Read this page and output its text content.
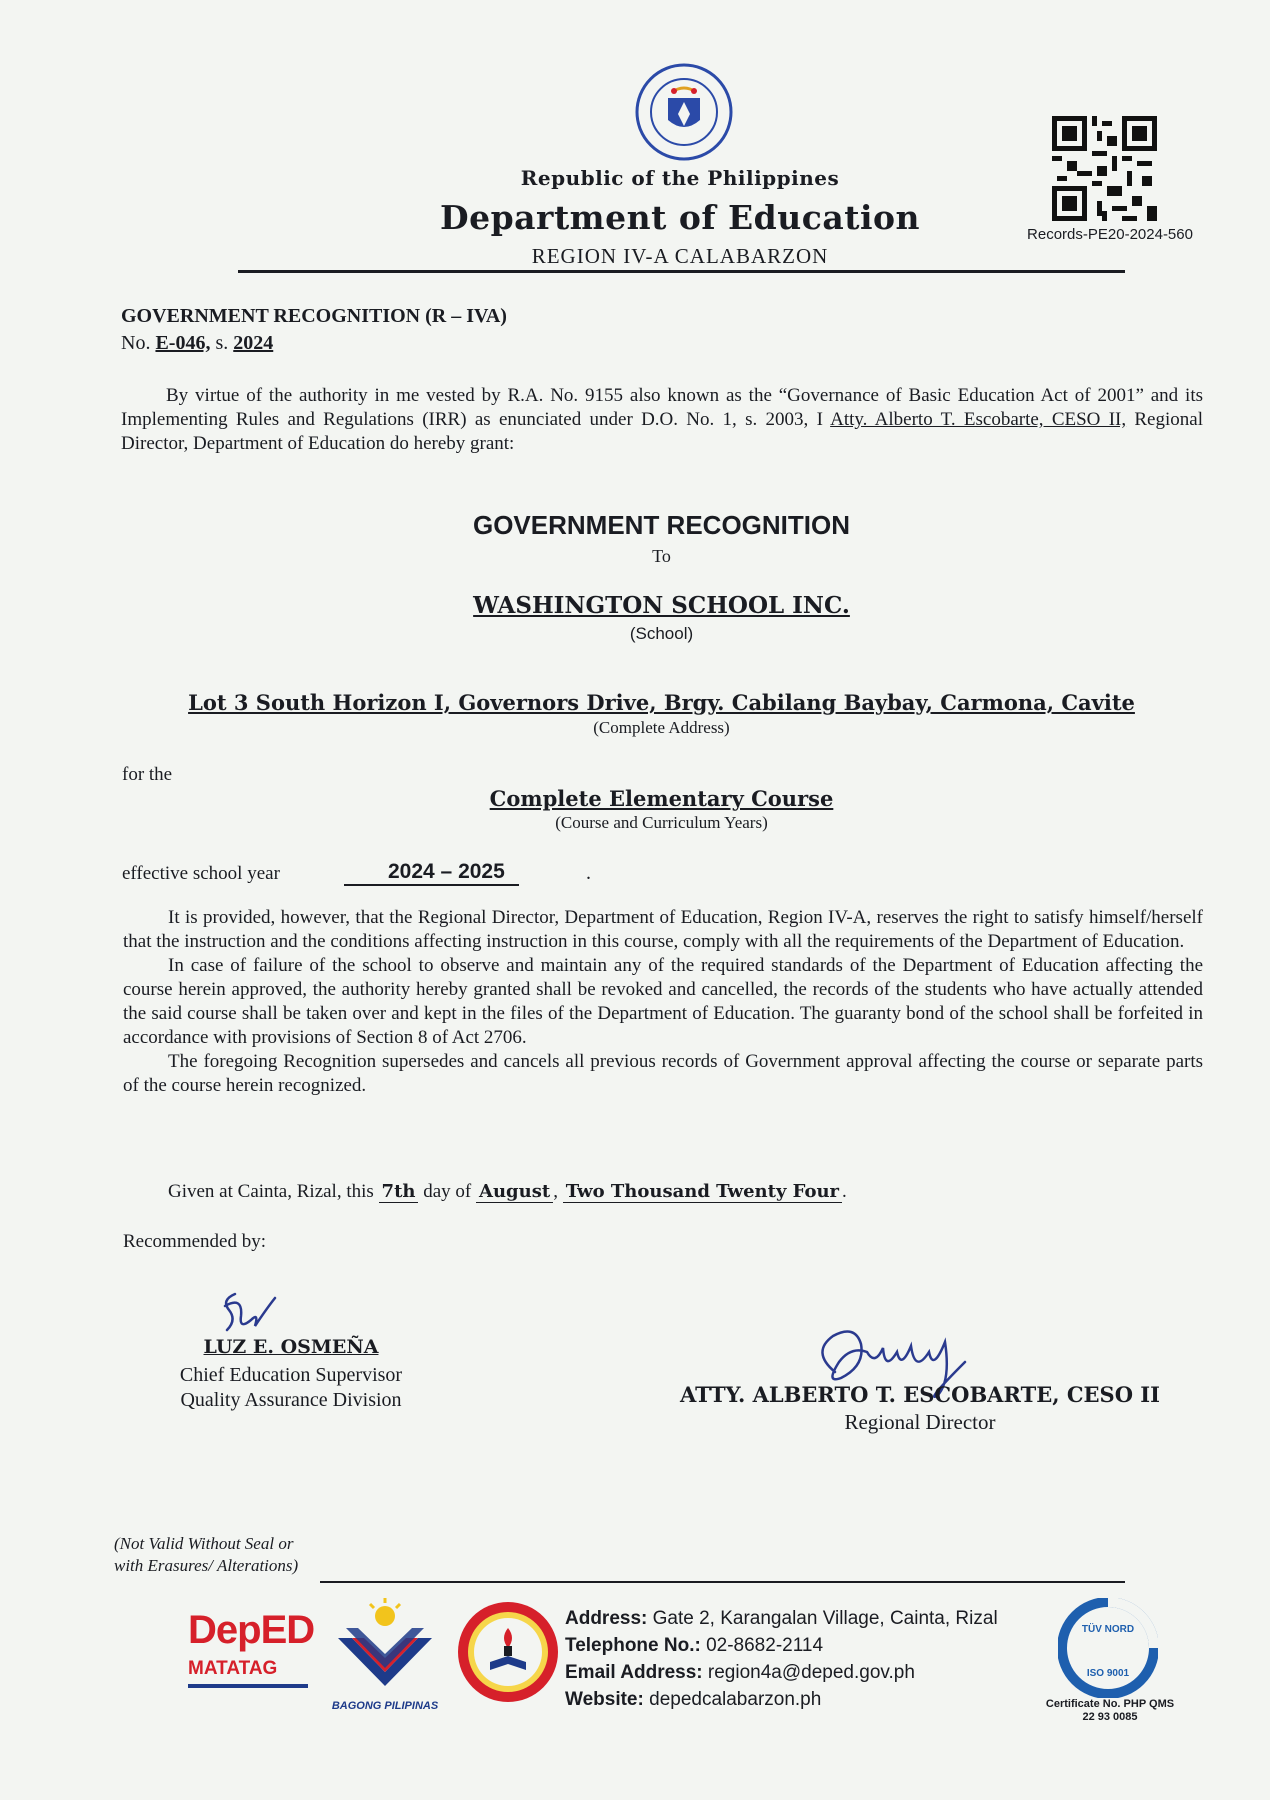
Republic of the Philippines
Department of Education
REGION IV-A CALABARZON
Records-PE20-2024-560
GOVERNMENT RECOGNITION (R – IVA)
No. E-046, s. 2024
By virtue of the authority in me vested by R.A. No. 9155 also known as the “Governance of Basic Education Act of 2001” and its Implementing Rules and Regulations (IRR) as enunciated under D.O. No. 1, s. 2003, I Atty. Alberto T. Escobarte, CESO II, Regional Director, Department of Education do hereby grant:
GOVERNMENT RECOGNITION
To
WASHINGTON SCHOOL INC.
(School)
Lot 3 South Horizon I, Governors Drive, Brgy. Cabilang Baybay, Carmona, Cavite
(Complete Address)
for the
Complete Elementary Course
(Course and Curriculum Years)
effective school year	2024 – 2025	.
It is provided, however, that the Regional Director, Department of Education, Region IV-A, reserves the right to satisfy himself/herself that the instruction and the conditions affecting instruction in this course, comply with all the requirements of the Department of Education.
In case of failure of the school to observe and maintain any of the required standards of the Department of Education affecting the course herein approved, the authority hereby granted shall be revoked and cancelled, the records of the students who have actually attended the said course shall be taken over and kept in the files of the Department of Education. The guaranty bond of the school shall be forfeited in accordance with provisions of Section 8 of Act 2706.
The foregoing Recognition supersedes and cancels all previous records of Government approval affecting the course or separate parts of the course herein recognized.
Given at Cainta, Rizal, this 7th day of August , Two Thousand Twenty Four .
Recommended by:
LUZ E. OSMEÑA
Chief Education Supervisor
Quality Assurance Division	ATTY. ALBERTO T. ESCOBARTE, CESO II
Regional Director
(Not Valid Without Seal or
with Erasures/ Alterations)
DepED
MATATAG
BAGONG PILIPINAS
Address: Gate 2, Karangalan Village, Cainta, Rizal
Telephone No.: 02-8682-2114
Email Address: region4a@deped.gov.ph
Website: depedcalabarzon.ph
TÜV NORD
ISO 9001
Certificate No. PHP QMS
22 93 0085
